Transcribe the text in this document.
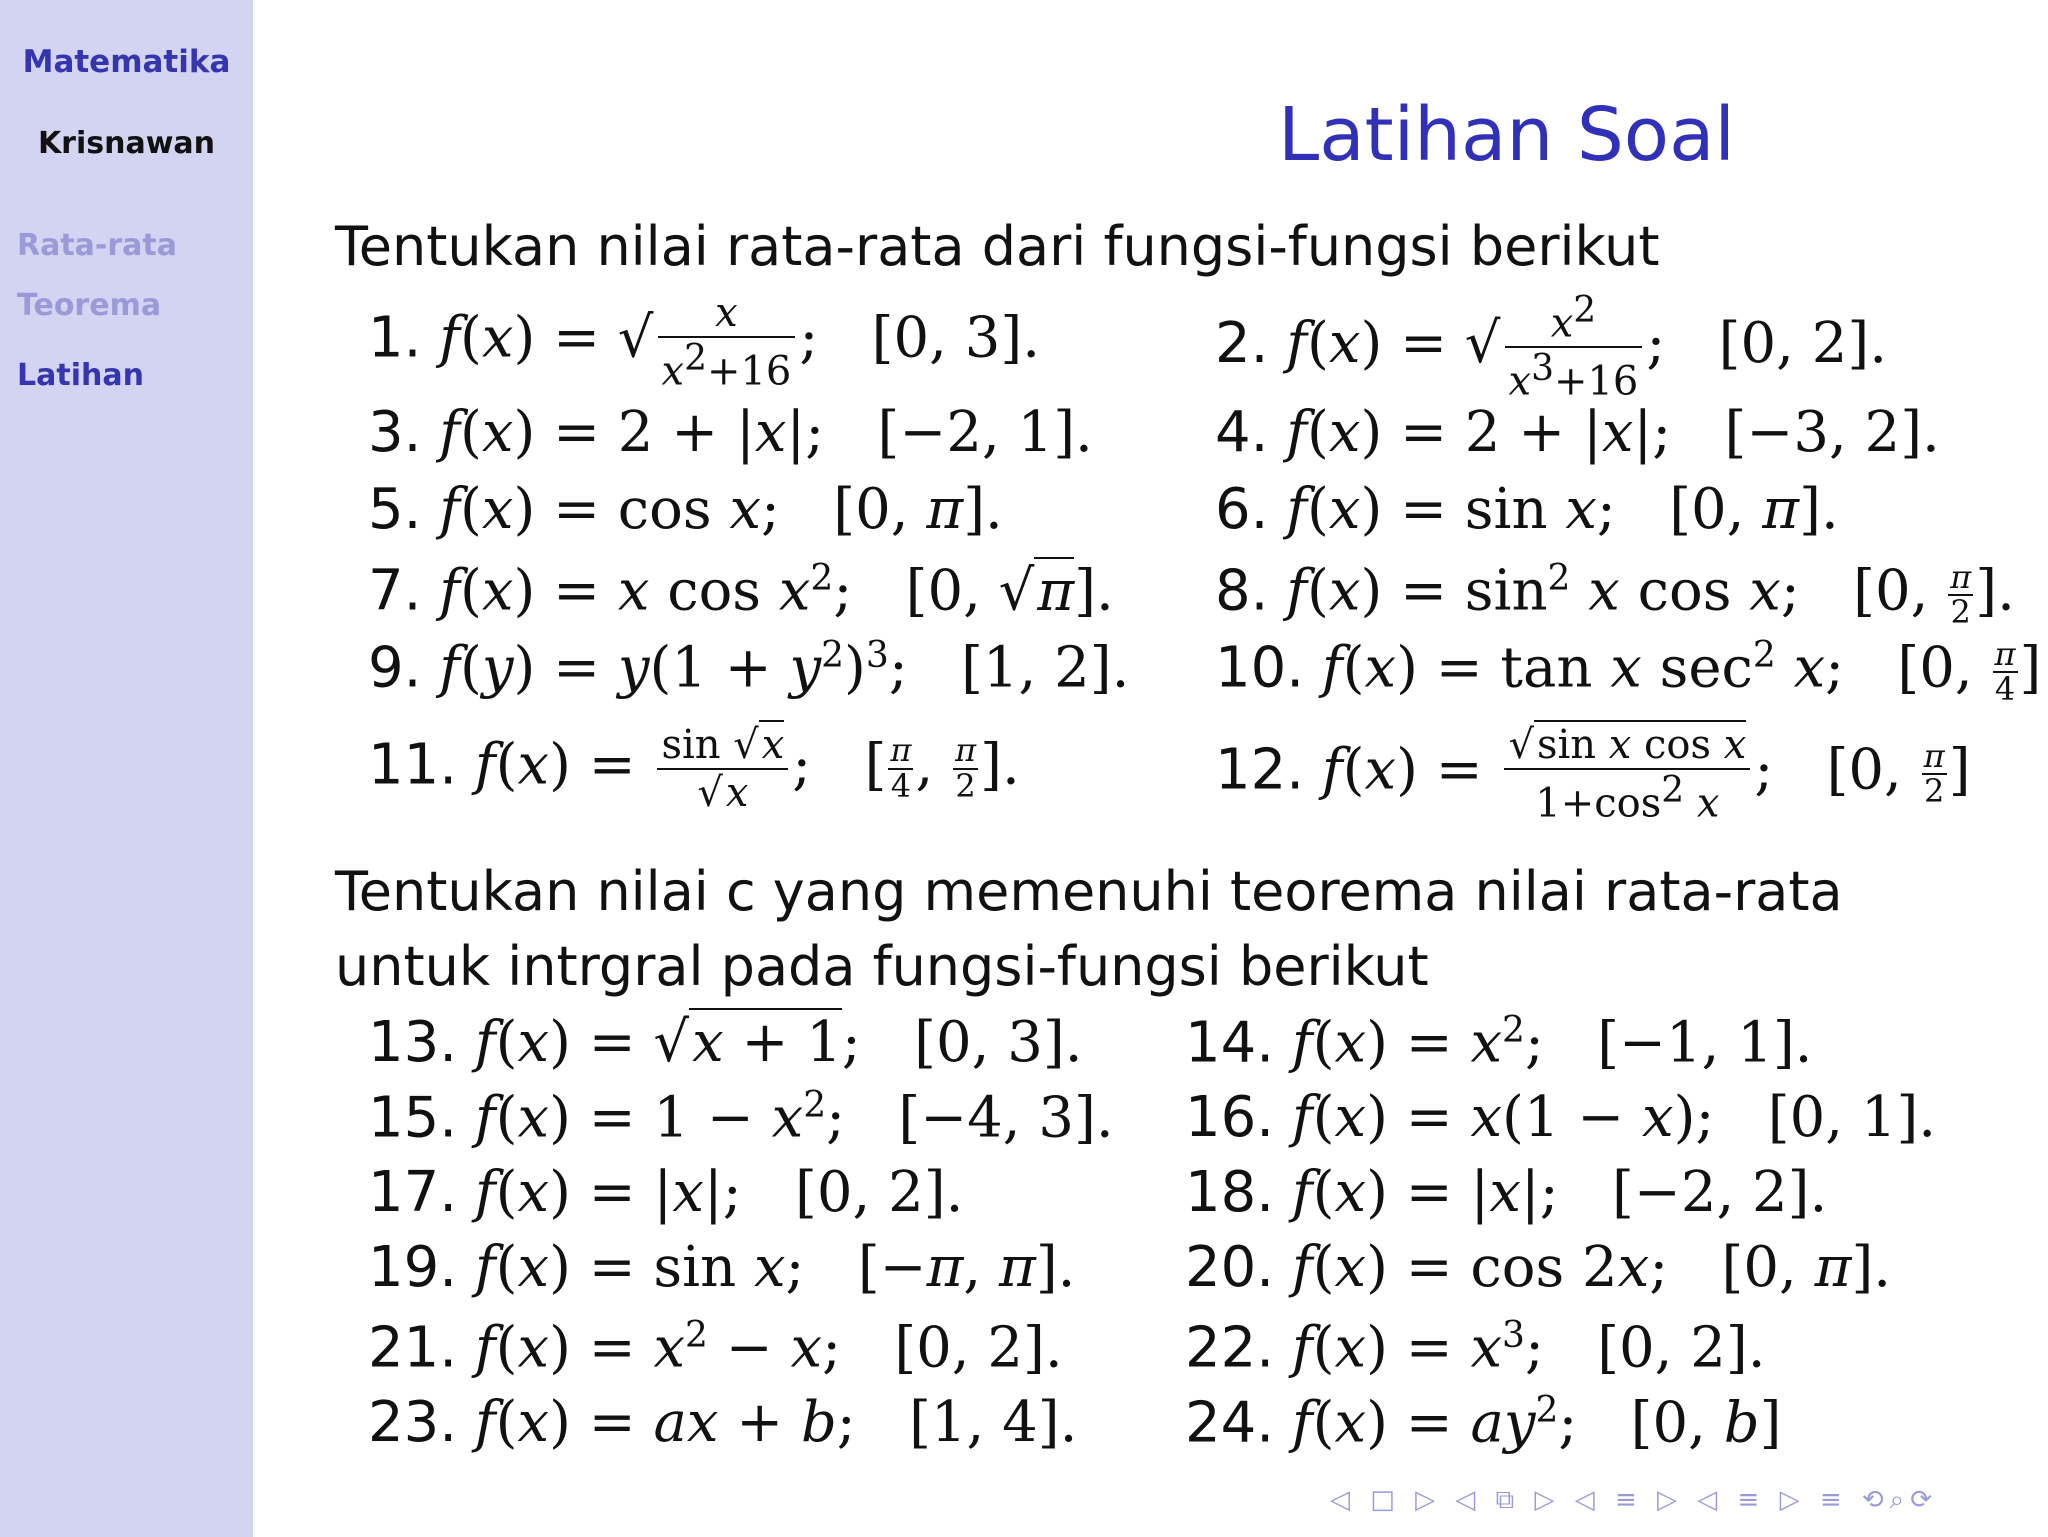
Matematika
Krisnawan
Rata-rata
Teorema
Latihan
Latihan Soal
Tentukan nilai rata-rata dari fungsi-fungsi berikut
1. f(x) = √ $\frac{x}{x^2+16}$ ;   [0, 3].	2. f(x) = √ $\frac{x^2}{x^3+16}$ ;   [0, 2].
3. f(x) = 2 + |x|;   [−2, 1]. 4. f(x) = 2 + |x|;   [−3, 2].
5. f(x) = cos x;   [0, π].	6. f(x) = sin x;   [0, π].
7. f(x) = x $\cos x^2$;   [0, √π]. 8. $f(x) = \sin^2 x$ cos x;   [0, $\frac{\pi}{2}$ ].
9. $f(y) = y(1 + y^2)^3$;   [1, 2]. 10. f(x) = tan x $\sec^2 x$;   [0, $\frac{\pi}{4}$ ]
11. $f(x) = \frac{\sin √x}{√x}$ ;   [ $\frac{\pi}{4}$ , $\frac{\pi}{2}$ ].	12. $f(x) = \frac{\text{√sin x cos x}}{1+\cos^2 x}$ ;   [0, $\frac{\pi}{2}$ ]
Tentukan nilai c yang memenuhi teorema nilai rata-rata
untuk intrgral pada fungsi-fungsi berikut
13. f(x) = √x + 1;   [0, 3]. 14. $f(x) = x^2$;   [−1, 1].
15. $f(x) = 1 - x^2$;   [−4, 3]. 16. f(x) = x(1 − x);   [0, 1].
17. f(x) = |x|;   [0, 2].	18. f(x) = |x|;   [−2, 2].
19. f(x) = sin x;   [−π, π]. 20. f(x) = cos 2x;   [0, π].
21. $f(x) = x^2 - x$;   [0, 2]. 22. $f(x) = x^3$;   [0, 2].
23. f(x) = ax + b;   [1, 4]. 24. $f(x) = ay^2$;   [0, b]
◁ □ ▷ ◁ ⧉ ▷ ◁ ≡ ▷ ◁ ≡ ▷ ≡ ⟲⌕⟳
